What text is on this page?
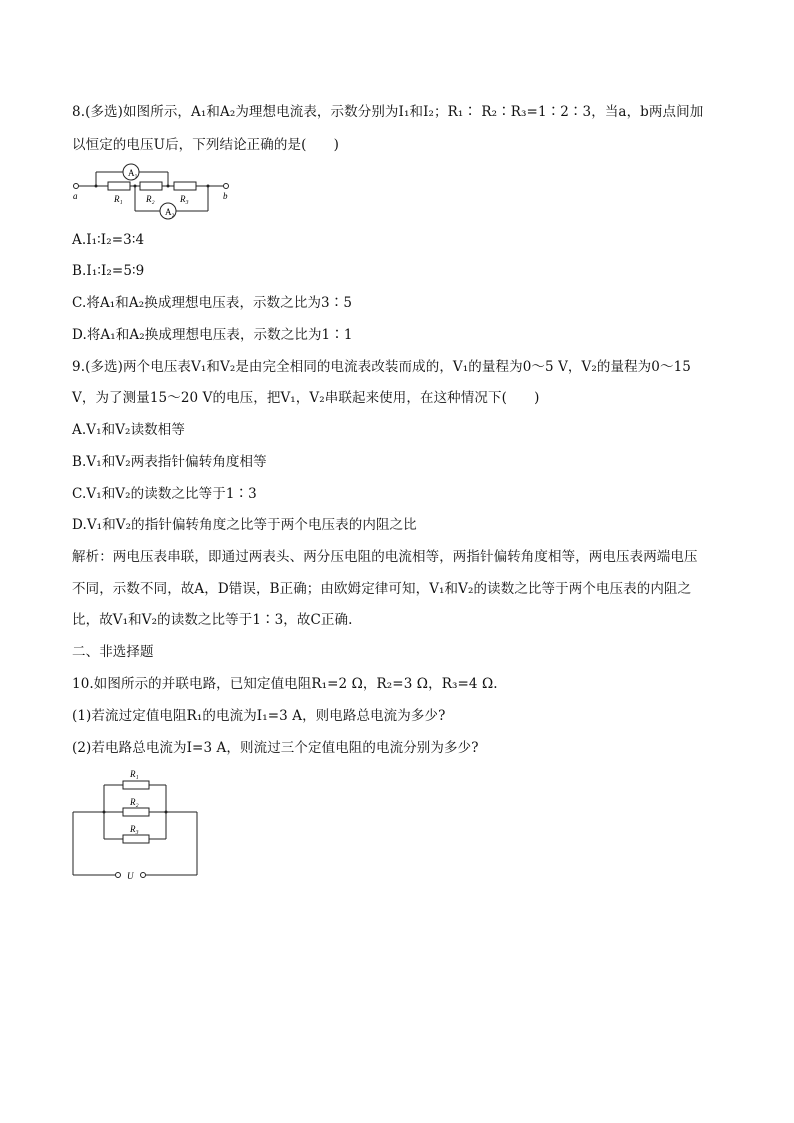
8.(多选)如图所示，A₁和A₂为理想电流表，示数分别为I₁和I₂；R₁∶ R₂∶R₃=1∶2∶3，当a，b两点间加
以恒定的电压U后，下列结论正确的是(　　)
A₁
A₂
R₁	R₂	R₃
a	b
A.I₁∶I₂=3∶4
B.I₁∶I₂=5∶9
C.将A₁和A₂换成理想电压表，示数之比为3∶5
D.将A₁和A₂换成理想电压表，示数之比为1∶1
9.(多选)两个电压表V₁和V₂是由完全相同的电流表改装而成的，V₁的量程为0～5 V，V₂的量程为0～15
V，为了测量15～20 V的电压，把V₁，V₂串联起来使用，在这种情况下(　　)
A.V₁和V₂读数相等
B.V₁和V₂两表指针偏转角度相等
C.V₁和V₂的读数之比等于1∶3
D.V₁和V₂的指针偏转角度之比等于两个电压表的内阻之比
解析：两电压表串联，即通过两表头、两分压电阻的电流相等，两指针偏转角度相等，两电压表两端电压
不同，示数不同，故A，D错误，B正确；由欧姆定律可知，V₁和V₂的读数之比等于两个电压表的内阻之
比，故V₁和V₂的读数之比等于1∶3，故C正确.
二、非选择题
10.如图所示的并联电路，已知定值电阻R₁=2 Ω，R₂=3 Ω，R₃=4 Ω.
(1)若流过定值电阻R₁的电流为I₁=3 A，则电路总电流为多少?
(2)若电路总电流为I=3 A，则流过三个定值电阻的电流分别为多少?
R₁
R₂
R₃
U
